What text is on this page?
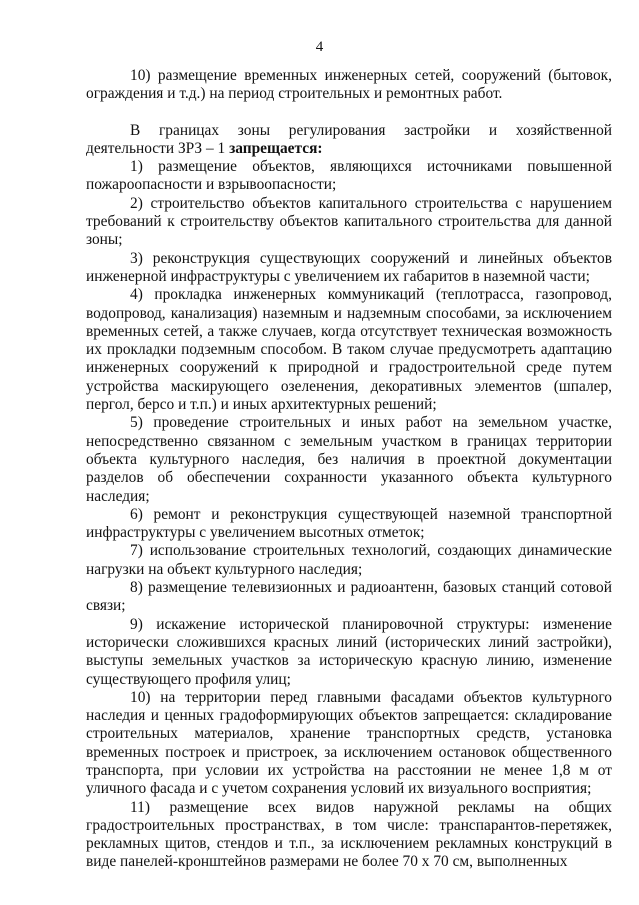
4

10) размещение временных инженерных сетей, сооружений (бытовок, ограждения и т.д.) на период строительных и ремонтных работ.

В границах зоны регулирования застройки и хозяйственной деятельности ЗРЗ – 1 запрещается:

1) размещение объектов, являющихся источниками повышенной пожароопасности и взрывоопасности;

2) строительство объектов капитального строительства с нарушением требований к строительству объектов капитального строительства для данной зоны;

3) реконструкция существующих сооружений и линейных объектов инженерной инфраструктуры с увеличением их габаритов в наземной части;

4) прокладка инженерных коммуникаций (теплотрасса, газопровод, водопровод, канализация) наземным и надземным способами, за исключением временных сетей, а также случаев, когда отсутствует техническая возможность их прокладки подземным способом. В таком случае предусмотреть адаптацию инженерных сооружений к природной и градостроительной среде путем устройства маскирующего озеленения, декоративных элементов (шпалер, пергол, берсо и т.п.) и иных архитектурных решений;

5) проведение строительных и иных работ на земельном участке, непосредственно связанном с земельным участком в границах территории объекта культурного наследия, без наличия в проектной документации разделов об обеспечении сохранности указанного объекта культурного наследия;

6) ремонт и реконструкция существующей наземной транспортной инфраструктуры с увеличением высотных отметок;

7) использование строительных технологий, создающих динамические нагрузки на объект культурного наследия;

8) размещение телевизионных и радиоантенн, базовых станций сотовой связи;

9) искажение исторической планировочной структуры: изменение исторически сложившихся красных линий (исторических линий застройки), выступы земельных участков за историческую красную линию, изменение существующего профиля улиц;

10) на территории перед главными фасадами объектов культурного наследия и ценных градоформирующих объектов запрещается: складирование строительных материалов, хранение транспортных средств, установка временных построек и пристроек, за исключением остановок общественного транспорта, при условии их устройства на расстоянии не менее 1,8 м от уличного фасада и с учетом сохранения условий их визуального восприятия;

11) размещение всех видов наружной рекламы на общих градостроительных пространствах, в том числе: транспарантов-перетяжек, рекламных щитов, стендов и т.п., за исключением рекламных конструкций в виде панелей-кронштейнов размерами не более 70 х 70 см, выполненных
